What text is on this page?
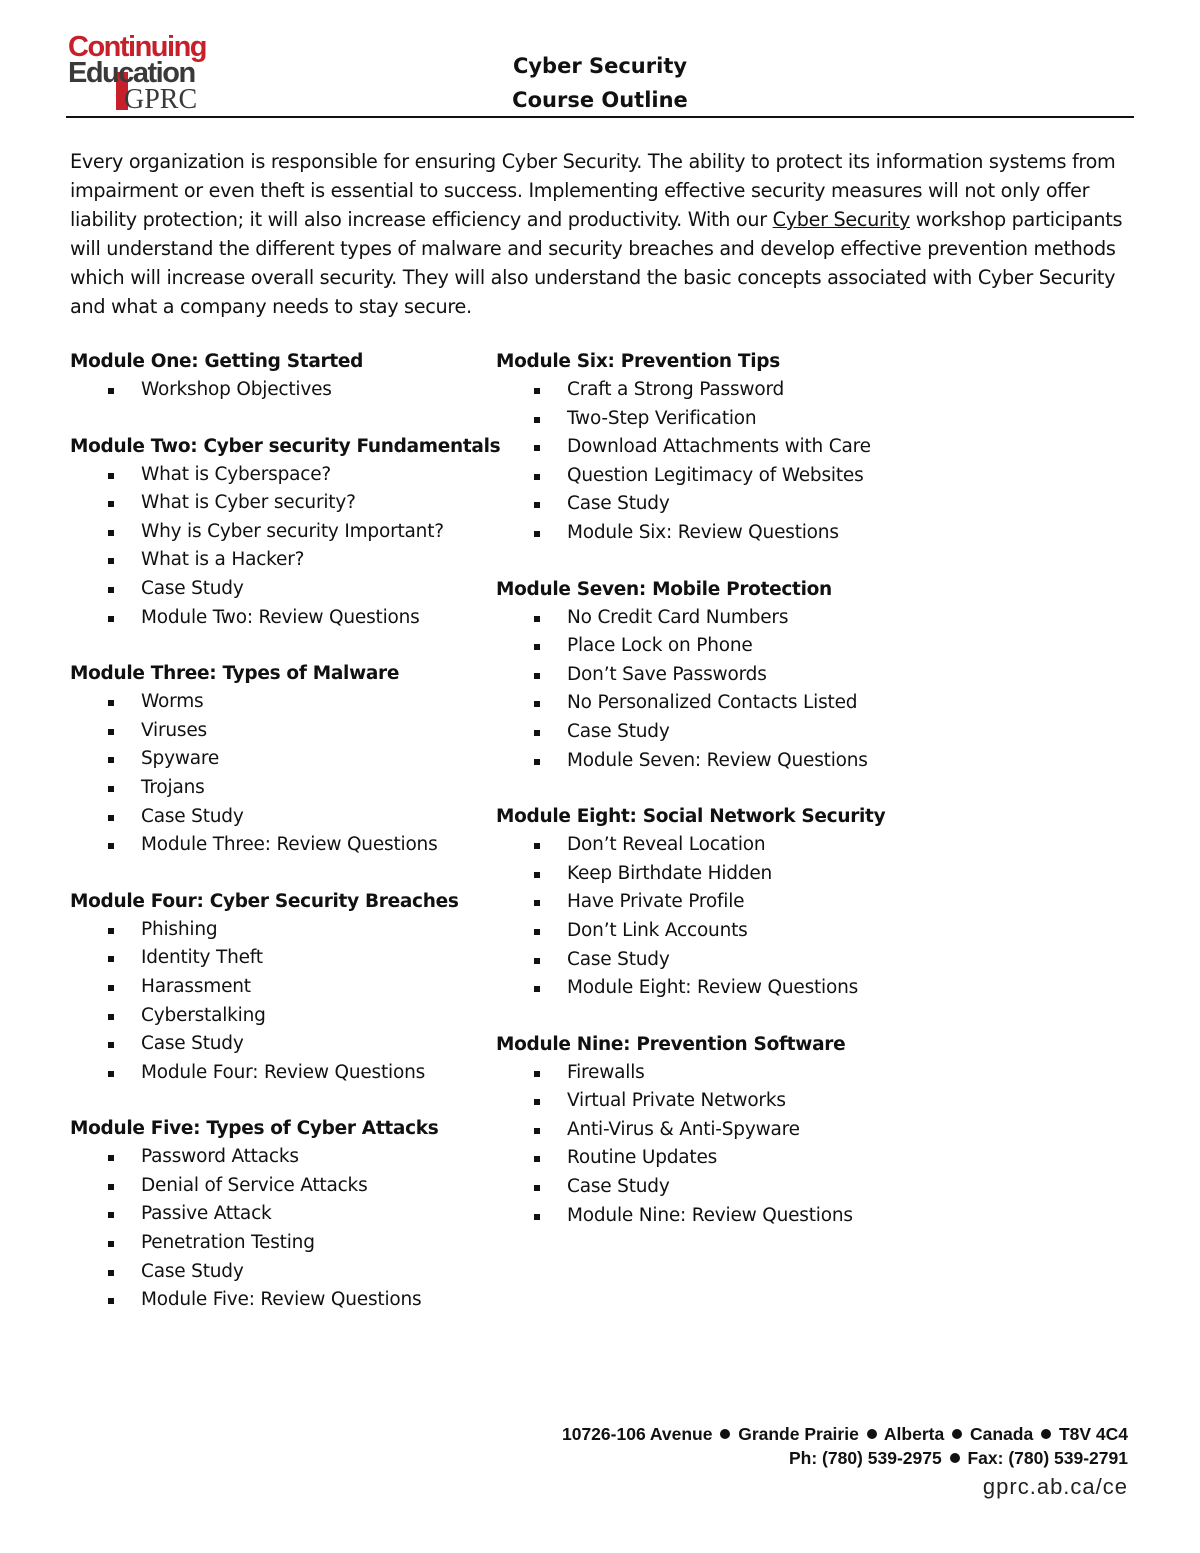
Continuing
Education
GPRC
Cyber Security
Course Outline

Every organization is responsible for ensuring Cyber Security. The ability to protect its information systems from impairment or even theft is essential to success. Implementing effective security measures will not only offer liability protection; it will also increase efficiency and productivity. With our Cyber Security workshop participants will understand the different types of malware and security breaches and develop effective prevention methods which will increase overall security. They will also understand the basic concepts associated with Cyber Security and what a company needs to stay secure.

Module One: Getting Started
Workshop Objectives
Module Two: Cyber security Fundamentals
What is Cyberspace?
What is Cyber security?
Why is Cyber security Important?
What is a Hacker?
Case Study
Module Two: Review Questions
Module Three: Types of Malware
Worms
Viruses
Spyware
Trojans
Case Study
Module Three: Review Questions
Module Four: Cyber Security Breaches
Phishing
Identity Theft
Harassment
Cyberstalking
Case Study
Module Four: Review Questions
Module Five: Types of Cyber Attacks
Password Attacks
Denial of Service Attacks
Passive Attack
Penetration Testing
Case Study
Module Five: Review Questions
Module Six: Prevention Tips
Craft a Strong Password
Two-Step Verification
Download Attachments with Care
Question Legitimacy of Websites
Case Study
Module Six: Review Questions
Module Seven: Mobile Protection
No Credit Card Numbers
Place Lock on Phone
Don’t Save Passwords
No Personalized Contacts Listed
Case Study
Module Seven: Review Questions
Module Eight: Social Network Security
Don’t Reveal Location
Keep Birthdate Hidden
Have Private Profile
Don’t Link Accounts
Case Study
Module Eight: Review Questions
Module Nine: Prevention Software
Firewalls
Virtual Private Networks
Anti-Virus & Anti-Spyware
Routine Updates
Case Study
Module Nine: Review Questions
10726-106 Avenue Grande Prairie Alberta Canada T8V 4C4
Ph: (780) 539-2975 Fax: (780) 539-2791
gprc.ab.ca/ce
